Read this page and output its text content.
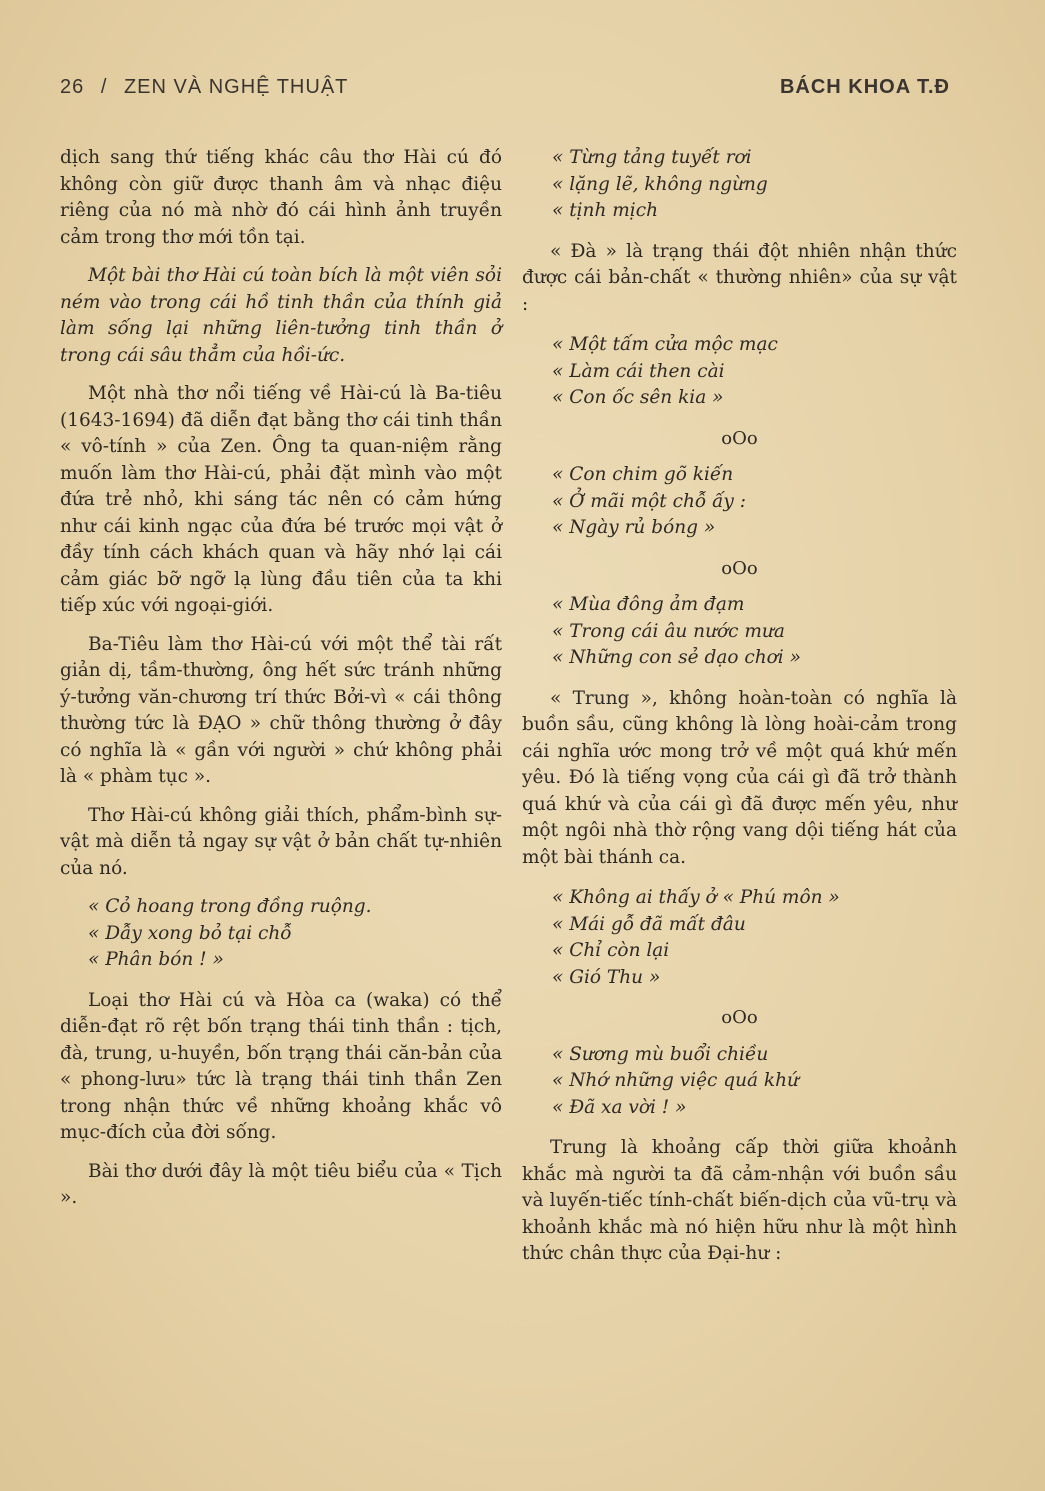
26 / ZEN VÀ NGHỆ THUẬT	BÁCH KHOA T.Đ

dịch sang thứ tiếng khác câu thơ Hài cú đó không còn giữ được thanh âm và nhạc điệu riêng của nó mà nhờ đó cái hình ảnh truyền cảm trong thơ mới tồn tại.

Một bài thơ Hài cú toàn bích là một viên sỏi ném vào trong cái hồ tinh thần của thính giả làm sống lại những liên-tưởng tinh thần ở trong cái sâu thẳm của hồi-ức.

Một nhà thơ nổi tiếng về Hài-cú là Ba-tiêu (1643-1694) đã diễn đạt bằng thơ cái tinh thần « vô-tính » của Zen. Ông ta quan-niệm rằng muốn làm thơ Hài-cú, phải đặt mình vào một đứa trẻ nhỏ, khi sáng tác nên có cảm hứng như cái kinh ngạc của đứa bé trước mọi vật ở đầy tính cách khách quan và hãy nhớ lại cái cảm giác bỡ ngỡ lạ lùng đầu tiên của ta khi tiếp xúc với ngoại-giới.

Ba-Tiêu làm thơ Hài-cú với một thể tài rất giản dị, tầm-thường, ông hết sức tránh những ý-tưởng văn-chương trí thức Bởi-vì « cái thông thường tức là ĐẠO » chữ thông thường ở đây có nghĩa là « gần với người » chứ không phải là « phàm tục ».

Thơ Hài-cú không giải thích, phẩm-bình sự-vật mà diễn tả ngay sự vật ở bản chất tự-nhiên của nó.

« Cỏ hoang trong đồng ruộng.
« Dẫy xong bỏ tại chỗ
« Phân bón ! »

Loại thơ Hài cú và Hòa ca (waka) có thể diễn-đạt rõ rệt bốn trạng thái tinh thần : tịch, đà, trung, u-huyền, bốn trạng thái căn-bản của « phong-lưu» tức là trạng thái tinh thần Zen trong nhận thức về những khoảng khắc vô mục-đích của đời sống.

Bài thơ dưới đây là một tiêu biểu của « Tịch ».

« Từng tảng tuyết rơi
« lặng lẽ, không ngừng
« tịnh mịch

« Đà » là trạng thái đột nhiên nhận thức được cái bản-chất « thường nhiên» của sự vật :

« Một tấm cửa mộc mạc
« Làm cái then cài
« Con ốc sên kia »
oOo
« Con chim gõ kiến
« Ở mãi một chỗ ấy :
« Ngày rủ bóng »
oOo
« Mùa đông ảm đạm
« Trong cái âu nước mưa
« Những con sẻ dạo chơi »

« Trung », không hoàn-toàn có nghĩa là buồn sầu, cũng không là lòng hoài-cảm trong cái nghĩa ước mong trở về một quá khứ mến yêu. Đó là tiếng vọng của cái gì đã trở thành quá khứ và của cái gì đã được mến yêu, như một ngôi nhà thờ rộng vang dội tiếng hát của một bài thánh ca.

« Không ai thấy ở « Phú môn »
« Mái gỗ đã mất đâu
« Chỉ còn lại
« Gió Thu »
oOo
« Sương mù buổi chiều
« Nhớ những việc quá khứ
« Đã xa vời ! »

Trung là khoảng cấp thời giữa khoảnh khắc mà người ta đã cảm-nhận với buồn sầu và luyến-tiếc tính-chất biến-dịch của vũ-trụ và khoảnh khắc mà nó hiện hữu như là một hình thức chân thực của Đại-hư :
